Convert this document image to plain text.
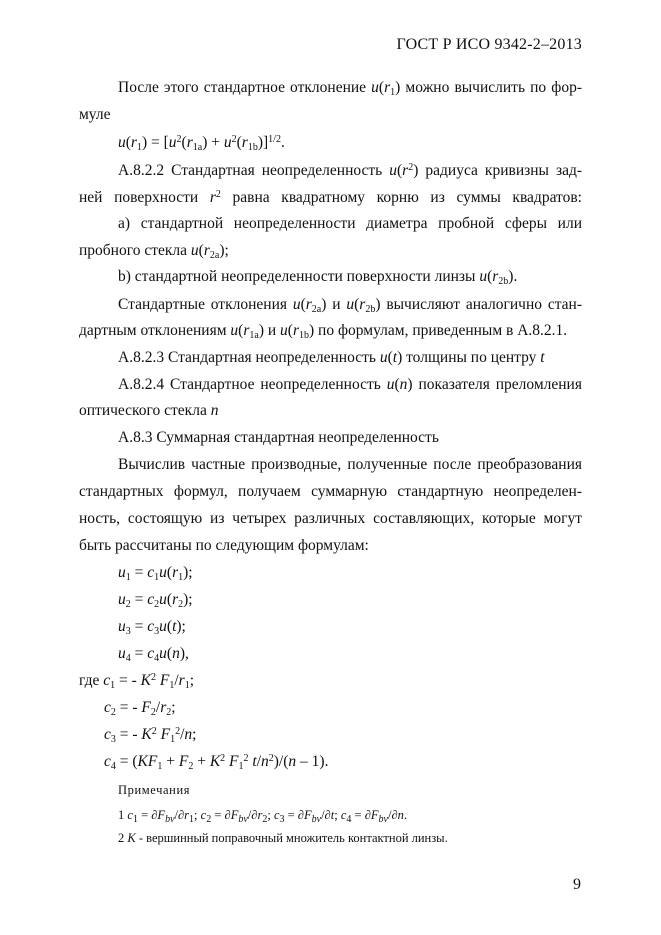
ГОСТ Р ИСО 9342-2–2013
После этого стандартное отклонение $u(r_1)$ можно вычислить по фор-
муле
$u(r_1) = [u^2(r_{1a}) + u^2(r_{1b})]^{1/2}$.
А.8.2.2 Стандартная неопределенность $u(r^2)$ радиуса кривизны зад-
ней поверхности $r^2$ равна квадратному корню из суммы квадратов:
а) стандартной неопределенности диаметра пробной сферы или
пробного стекла $u(r_{2a})$;
b) стандартной неопределенности поверхности линзы $u(r_{2b})$.
Стандартные отклонения $u(r_{2a})$ и $u(r_{2b})$ вычисляют аналогично стан-
дартным отклонениям $u(r_{1a})$ и $u(r_{1b})$ по формулам, приведенным в А.8.2.1.
А.8.2.3 Стандартная неопределенность u(t) толщины по центру t
А.8.2.4 Стандартное неопределенность u(n) показателя преломления
оптического стекла n
А.8.3 Суммарная стандартная неопределенность
Вычислив частные производные, полученные после преобразования
стандартных формул, получаем суммарную стандартную неопределен-
ность, состоящую из четырех различных составляющих, которые могут
быть рассчитаны по следующим формулам:
$u_1 = c_1u(r_1)$;
$u_2 = c_2u(r_2)$;
$u_3 = c_3u(t)$;
$u_4 = c_4u(n)$,
где $c_1$ = - $K^2$ $F_1/r_1$;
$c_2$ = - $F_2/r_2$;
$c_3$ = - $K^2$ $F_1^2/n$;
$c_4 = (KF_1 + F_2 + K^2$ $F_1^2$ $t/n^2)/(n - 1)$.
Примечания
1 $c_1 = \partial F_{bv}/\partial r_1$; $c_2 = \partial F_{bv}/\partial r_2$; $c_3 = \partial F_{bv}/\partial t$; $c_4 = \partial F_{bv}/\partial n$.
2 K - вершинный поправочный множитель контактной линзы.
9
